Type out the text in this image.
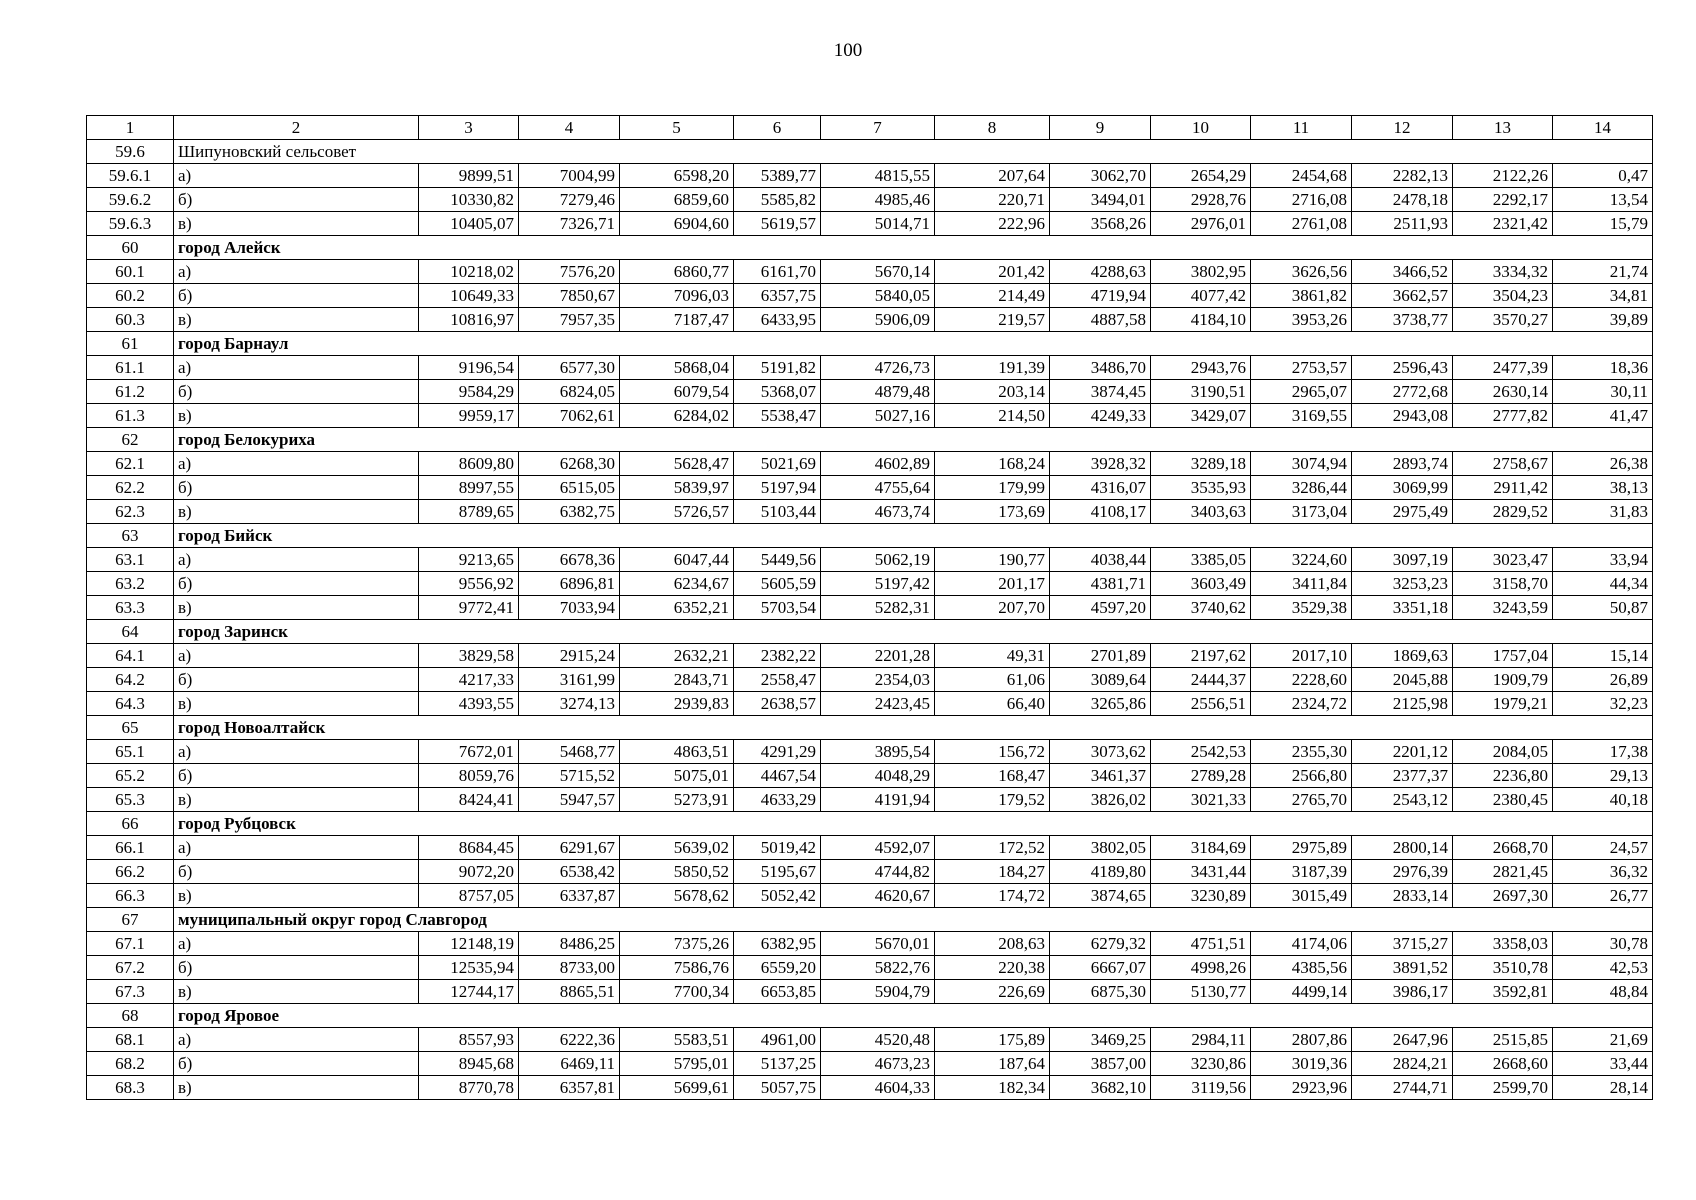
100
1	2	3	4	5	6	7	8	9	10	11	12	13	14
59.6	Шипуновский сельсовет												
59.6.1	а)	9899,51	7004,99	6598,20	5389,77	4815,55	207,64	3062,70	2654,29	2454,68	2282,13	2122,26	0,47
59.6.2	б)	10330,82	7279,46	6859,60	5585,82	4985,46	220,71	3494,01	2928,76	2716,08	2478,18	2292,17	13,54
59.6.3	в)	10405,07	7326,71	6904,60	5619,57	5014,71	222,96	3568,26	2976,01	2761,08	2511,93	2321,42	15,79
60	город Алейск												
60.1	а)	10218,02	7576,20	6860,77	6161,70	5670,14	201,42	4288,63	3802,95	3626,56	3466,52	3334,32	21,74
60.2	б)	10649,33	7850,67	7096,03	6357,75	5840,05	214,49	4719,94	4077,42	3861,82	3662,57	3504,23	34,81
60.3	в)	10816,97	7957,35	7187,47	6433,95	5906,09	219,57	4887,58	4184,10	3953,26	3738,77	3570,27	39,89
61	город Барнаул												
61.1	а)	9196,54	6577,30	5868,04	5191,82	4726,73	191,39	3486,70	2943,76	2753,57	2596,43	2477,39	18,36
61.2	б)	9584,29	6824,05	6079,54	5368,07	4879,48	203,14	3874,45	3190,51	2965,07	2772,68	2630,14	30,11
61.3	в)	9959,17	7062,61	6284,02	5538,47	5027,16	214,50	4249,33	3429,07	3169,55	2943,08	2777,82	41,47
62	город Белокуриха												
62.1	а)	8609,80	6268,30	5628,47	5021,69	4602,89	168,24	3928,32	3289,18	3074,94	2893,74	2758,67	26,38
62.2	б)	8997,55	6515,05	5839,97	5197,94	4755,64	179,99	4316,07	3535,93	3286,44	3069,99	2911,42	38,13
62.3	в)	8789,65	6382,75	5726,57	5103,44	4673,74	173,69	4108,17	3403,63	3173,04	2975,49	2829,52	31,83
63	город Бийск												
63.1	а)	9213,65	6678,36	6047,44	5449,56	5062,19	190,77	4038,44	3385,05	3224,60	3097,19	3023,47	33,94
63.2	б)	9556,92	6896,81	6234,67	5605,59	5197,42	201,17	4381,71	3603,49	3411,84	3253,23	3158,70	44,34
63.3	в)	9772,41	7033,94	6352,21	5703,54	5282,31	207,70	4597,20	3740,62	3529,38	3351,18	3243,59	50,87
64	город Заринск												
64.1	а)	3829,58	2915,24	2632,21	2382,22	2201,28	49,31	2701,89	2197,62	2017,10	1869,63	1757,04	15,14
64.2	б)	4217,33	3161,99	2843,71	2558,47	2354,03	61,06	3089,64	2444,37	2228,60	2045,88	1909,79	26,89
64.3	в)	4393,55	3274,13	2939,83	2638,57	2423,45	66,40	3265,86	2556,51	2324,72	2125,98	1979,21	32,23
65	город Новоалтайск												
65.1	а)	7672,01	5468,77	4863,51	4291,29	3895,54	156,72	3073,62	2542,53	2355,30	2201,12	2084,05	17,38
65.2	б)	8059,76	5715,52	5075,01	4467,54	4048,29	168,47	3461,37	2789,28	2566,80	2377,37	2236,80	29,13
65.3	в)	8424,41	5947,57	5273,91	4633,29	4191,94	179,52	3826,02	3021,33	2765,70	2543,12	2380,45	40,18
66	город Рубцовск												
66.1	а)	8684,45	6291,67	5639,02	5019,42	4592,07	172,52	3802,05	3184,69	2975,89	2800,14	2668,70	24,57
66.2	б)	9072,20	6538,42	5850,52	5195,67	4744,82	184,27	4189,80	3431,44	3187,39	2976,39	2821,45	36,32
66.3	в)	8757,05	6337,87	5678,62	5052,42	4620,67	174,72	3874,65	3230,89	3015,49	2833,14	2697,30	26,77
67	муниципальный округ город Славгород												
67.1	а)	12148,19	8486,25	7375,26	6382,95	5670,01	208,63	6279,32	4751,51	4174,06	3715,27	3358,03	30,78
67.2	б)	12535,94	8733,00	7586,76	6559,20	5822,76	220,38	6667,07	4998,26	4385,56	3891,52	3510,78	42,53
67.3	в)	12744,17	8865,51	7700,34	6653,85	5904,79	226,69	6875,30	5130,77	4499,14	3986,17	3592,81	48,84
68	город Яровое												
68.1	а)	8557,93	6222,36	5583,51	4961,00	4520,48	175,89	3469,25	2984,11	2807,86	2647,96	2515,85	21,69
68.2	б)	8945,68	6469,11	5795,01	5137,25	4673,23	187,64	3857,00	3230,86	3019,36	2824,21	2668,60	33,44
68.3	в)	8770,78	6357,81	5699,61	5057,75	4604,33	182,34	3682,10	3119,56	2923,96	2744,71	2599,70	28,14
